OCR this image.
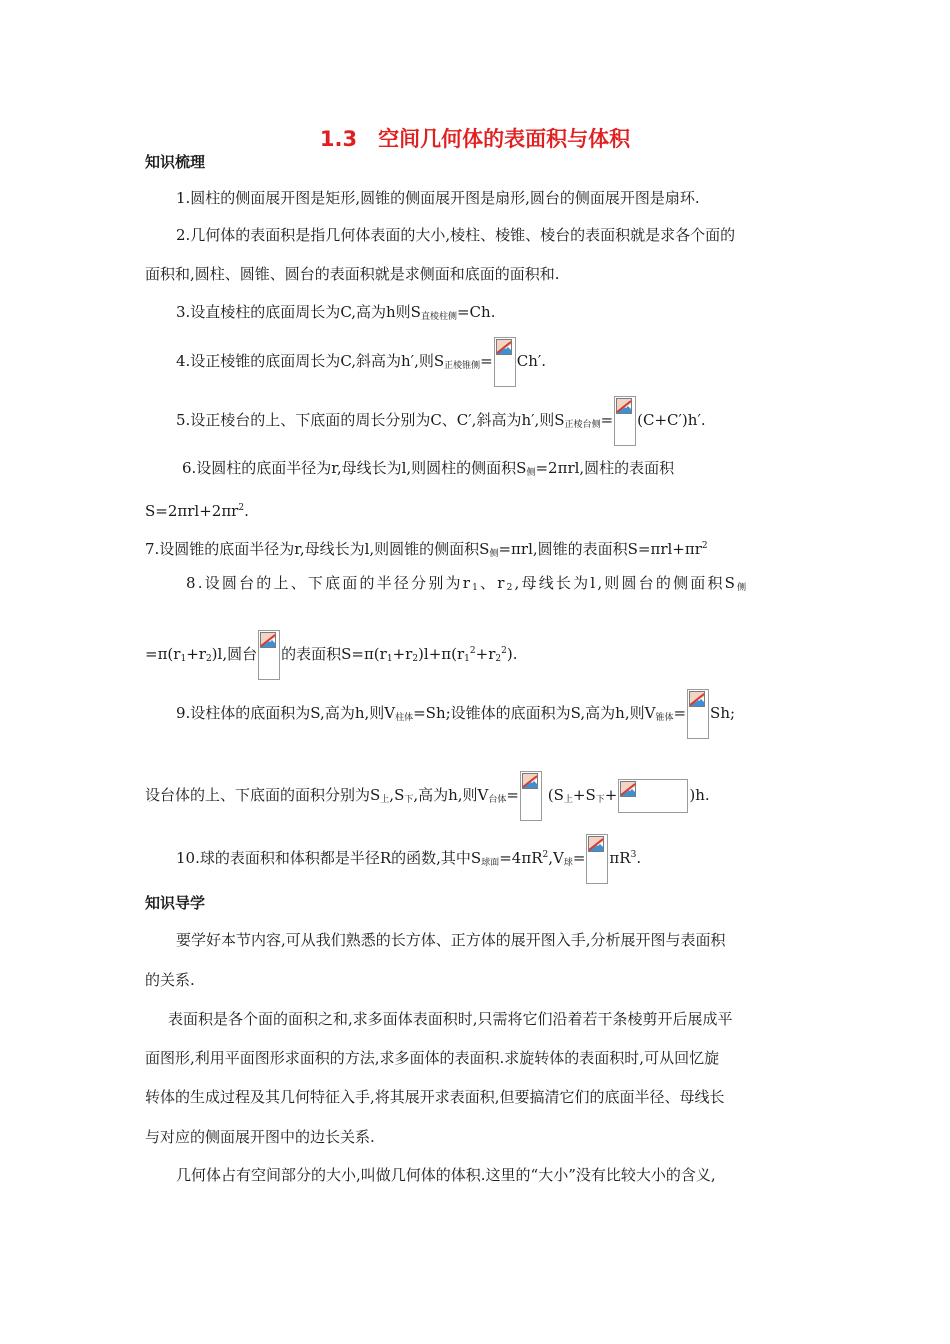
1.3　空间几何体的表面积与体积
知识梳理
1.圆柱的侧面展开图是矩形,圆锥的侧面展开图是扇形,圆台的侧面展开图是扇环.
2.几何体的表面积是指几何体表面的大小,棱柱、棱锥、棱台的表面积就是求各个面的
面积和,圆柱、圆锥、圆台的表面积就是求侧面和底面的面积和.
3.设直棱柱的底面周长为C,高为h则$S_{直棱柱侧}=Ch$.
4.设正棱锥的底面周长为C,斜高为h′,则$S_{正棱锥侧}= Ch'$.
5.设正棱台的上、下底面的周长分别为C、C′,斜高为h′,则$S_{正棱台侧}= (C+C')h'$.
6.设圆柱的底面半径为r,母线长为l,则圆柱的侧面积$S_侧=2\pi rl$,圆柱的表面积
$S=2\pi rl+2\pi r^2$.
7.设圆锥的底面半径为r,母线长为l,则圆锥的侧面积$S_侧=\pi rl$,圆锥的表面积$S=\pi rl+\pi r^2$
8.设圆台的上、下底面的半径分别为$r_1$、$r_2$,母线长为l,则圆台的侧面积$S_侧$
$=\pi(r_1+r_2)l$,圆台 的表面积$S=\pi(r_1+r_2)l+\pi(r_1^2+r_2^2)$.
9.设柱体的底面积为S,高为h,则$V_{柱体}=Sh$;设锥体的底面积为S,高为h,则$V_{锥体}= Sh$;
设台体的上、下底面的面积分别为$S_上,S_下$,高为h,则$V_{台体}=$
($S_上+S_下+$	)h.
10.球的表面积和体积都是半径R的函数,其中$S_{球面}=4\pi R^2,V_球= \pi R^3$.
知识导学
要学好本节内容,可从我们熟悉的长方体、正方体的展开图入手,分析展开图与表面积
的关系.
表面积是各个面的面积之和,求多面体表面积时,只需将它们沿着若干条棱剪开后展成平
面图形,利用平面图形求面积的方法,求多面体的表面积.求旋转体的表面积时,可从回忆旋
转体的生成过程及其几何特征入手,将其展开求表面积,但要搞清它们的底面半径、母线长
与对应的侧面展开图中的边长关系.
几何体占有空间部分的大小,叫做几何体的体积.这里的“大小”没有比较大小的含义,
